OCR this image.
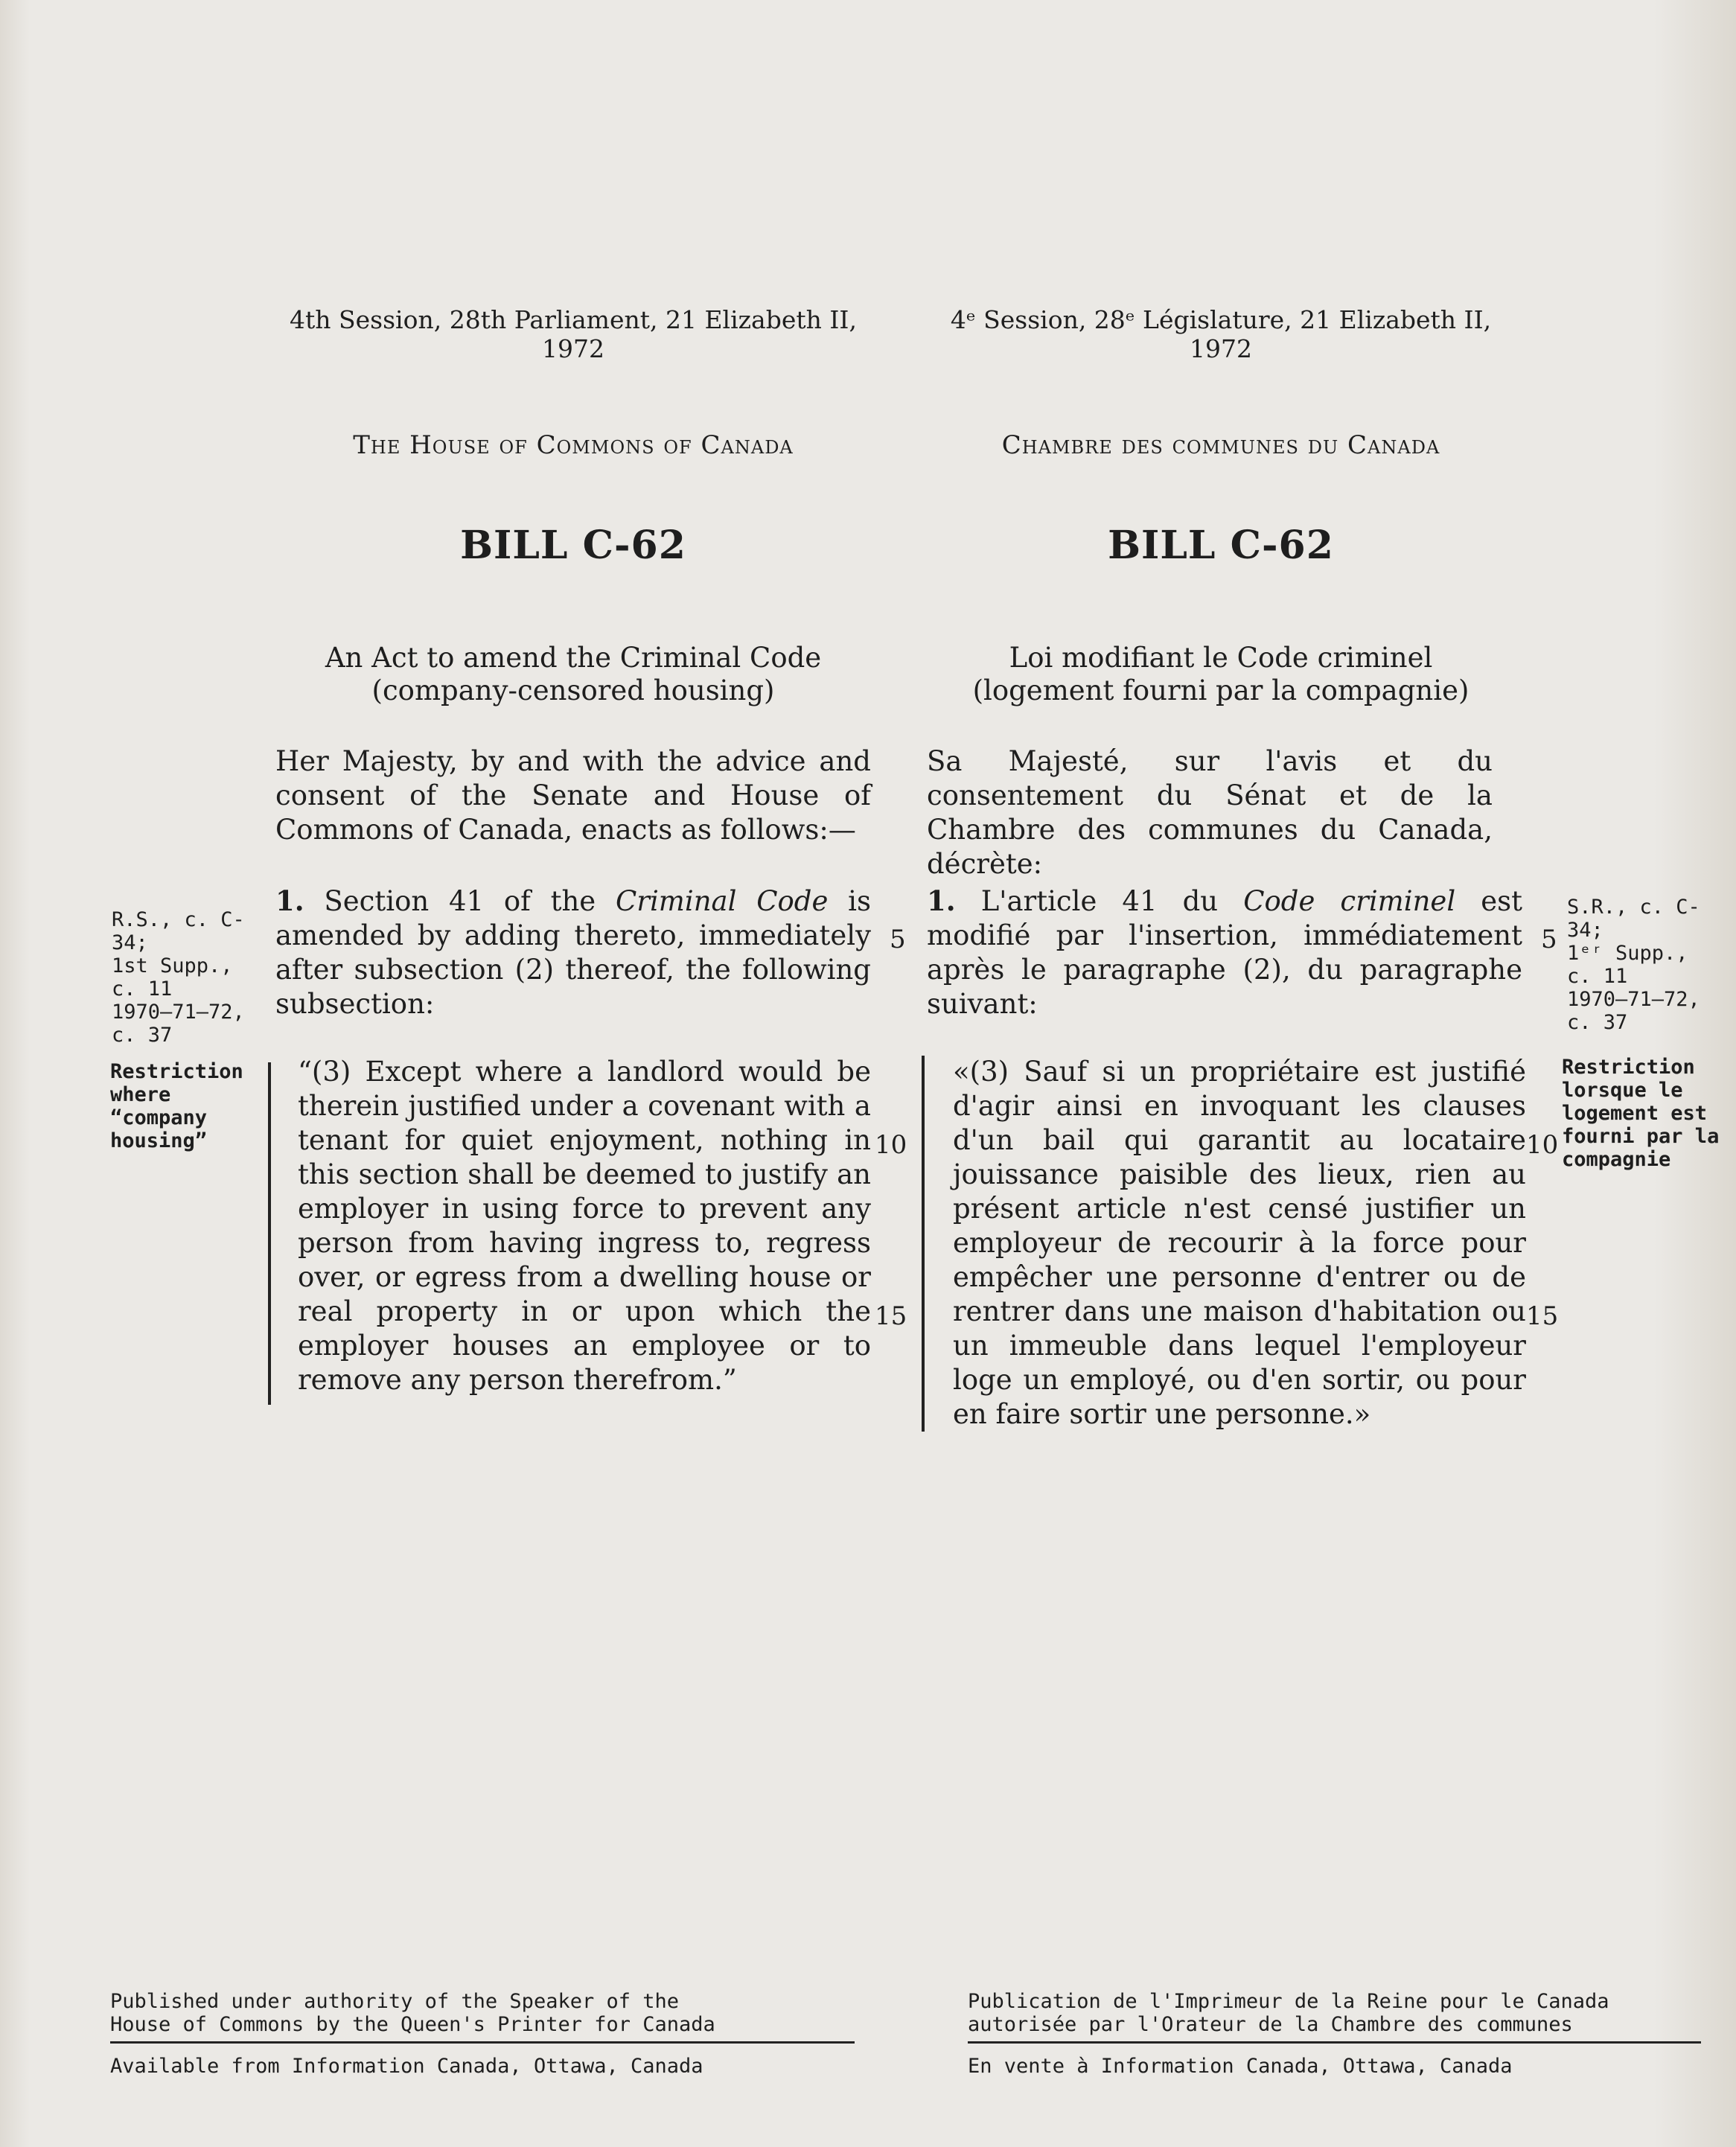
4th Session, 28th Parliament, 21 Elizabeth II,
1972
The House of Commons of Canada
BILL C-62
An Act to amend the Criminal Code
(company-censored housing)
Her Majesty, by and with the advice and consent of the Senate and House of Commons of Canada, enacts as follows:—

1. Section 41 of the Criminal Code is amended by adding thereto, immediately after subsection (2) thereof, the following subsection:

“(3) Except where a landlord would be therein justified under a covenant with a tenant for quiet enjoyment, nothing in this section shall be deemed to justify an employer in using force to prevent any person from having ingress to, regress over, or egress from a dwelling house or real property in or upon which the employer houses an employee or to remove any person therefrom.”
5
10
15
R.S., c. C-34;
1st Supp.,
c. 11
1970–71–72,
c. 37
Restriction
where
“company
housing”
4ᵉ Session, 28ᵉ Législature, 21 Elizabeth II,
1972
Chambre des communes du Canada
BILL C-62
Loi modifiant le Code criminel
(logement fourni par la compagnie)
Sa Majesté, sur l'avis et du consentement du Sénat et de la Chambre des communes du Canada, décrète:

1. L'article 41 du Code criminel est modifié par l'insertion, immédiatement après le paragraphe (2), du paragraphe suivant:

«(3) Sauf si un propriétaire est justifié d'agir ainsi en invoquant les clauses d'un bail qui garantit au locataire jouissance paisible des lieux, rien au présent article n'est censé justifier un employeur de recourir à la force pour empêcher une personne d'entrer ou de rentrer dans une maison d'habitation ou un immeuble dans lequel l'employeur loge un employé, ou d'en sortir, ou pour en faire sortir une personne.»
5
10
15
S.R., c. C-34;
1ᵉʳ Supp.,
c. 11
1970–71–72,
c. 37
Restriction
lorsque le
logement est
fourni par la
compagnie
Published under authority of the Speaker of the
House of Commons by the Queen's Printer for Canada
Available from Information Canada, Ottawa, Canada
Publication de l'Imprimeur de la Reine pour le Canada
autorisée par l'Orateur de la Chambre des communes
En vente à Information Canada, Ottawa, Canada
